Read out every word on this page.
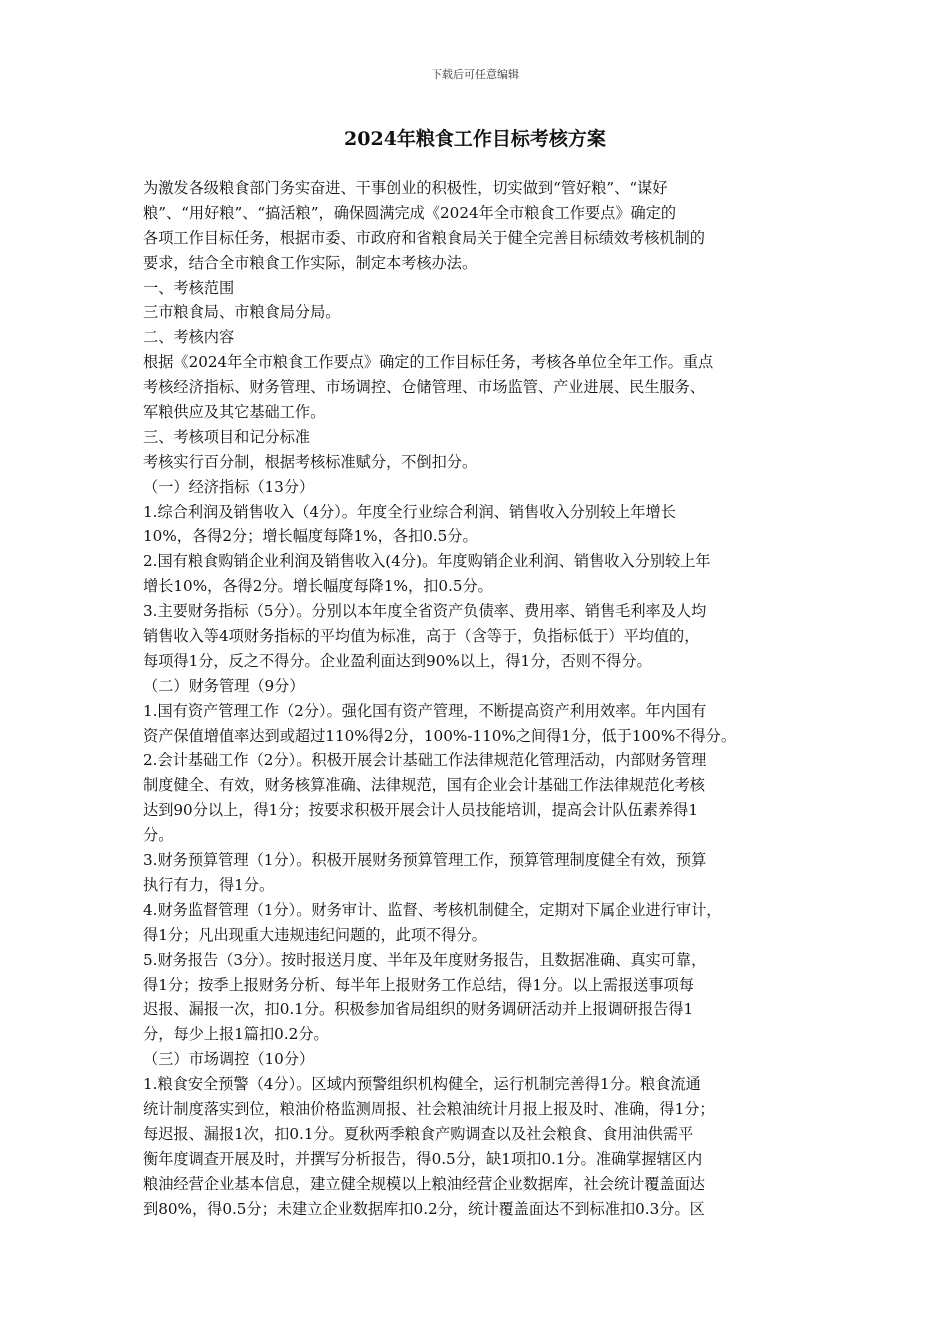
下载后可任意编辑
2024年粮食工作目标考核方案
为激发各级粮食部门务实奋进、干事创业的积极性，切实做到“管好粮”、“谋好
粮”、“用好粮”、“搞活粮”，确保圆满完成《2024年全市粮食工作要点》确定的
各项工作目标任务，根据市委、市政府和省粮食局关于健全完善目标绩效考核机制的
要求，结合全市粮食工作实际，制定本考核办法。
一、考核范围
三市粮食局、市粮食局分局。
二、考核内容
根据《2024年全市粮食工作要点》确定的工作目标任务，考核各单位全年工作。重点
考核经济指标、财务管理、市场调控、仓储管理、市场监管、产业进展、民生服务、
军粮供应及其它基础工作。
三、考核项目和记分标准
考核实行百分制，根据考核标准赋分，不倒扣分。
（一）经济指标（13分）
1.综合利润及销售收入（4分）。年度全行业综合利润、销售收入分别较上年增长
10%，各得2分；增长幅度每降1%，各扣0.5分。
2.国有粮食购销企业利润及销售收入(4分)。年度购销企业利润、销售收入分别较上年
增长10%，各得2分。增长幅度每降1%，扣0.5分。
3.主要财务指标（5分）。分别以本年度全省资产负债率、费用率、销售毛利率及人均
销售收入等4项财务指标的平均值为标准，高于（含等于，负指标低于）平均值的，
每项得1分，反之不得分。企业盈利面达到90%以上，得1分，否则不得分。
（二）财务管理（9分）
1.国有资产管理工作（2分）。强化国有资产管理，不断提高资产利用效率。年内国有
资产保值增值率达到或超过110%得2分，100%-110%之间得1分，低于100%不得分。
2.会计基础工作（2分）。积极开展会计基础工作法律规范化管理活动，内部财务管理
制度健全、有效，财务核算准确、法律规范，国有企业会计基础工作法律规范化考核
达到90分以上，得1分；按要求积极开展会计人员技能培训，提高会计队伍素养得1
分。
3.财务预算管理（1分）。积极开展财务预算管理工作，预算管理制度健全有效，预算
执行有力，得1分。
4.财务监督管理（1分）。财务审计、监督、考核机制健全，定期对下属企业进行审计，
得1分；凡出现重大违规违纪问题的，此项不得分。
5.财务报告（3分）。按时报送月度、半年及年度财务报告，且数据准确、真实可靠，
得1分；按季上报财务分析、每半年上报财务工作总结，得1分。以上需报送事项每
迟报、漏报一次，扣0.1分。积极参加省局组织的财务调研活动并上报调研报告得1
分，每少上报1篇扣0.2分。
（三）市场调控（10分）
1.粮食安全预警（4分）。区域内预警组织机构健全，运行机制完善得1分。粮食流通
统计制度落实到位，粮油价格监测周报、社会粮油统计月报上报及时、准确，得1分；
每迟报、漏报1次，扣0.1分。夏秋两季粮食产购调查以及社会粮食、食用油供需平
衡年度调查开展及时，并撰写分析报告，得0.5分，缺1项扣0.1分。准确掌握辖区内
粮油经营企业基本信息，建立健全规模以上粮油经营企业数据库，社会统计覆盖面达
到80%，得0.5分；未建立企业数据库扣0.2分，统计覆盖面达不到标准扣0.3分。区
